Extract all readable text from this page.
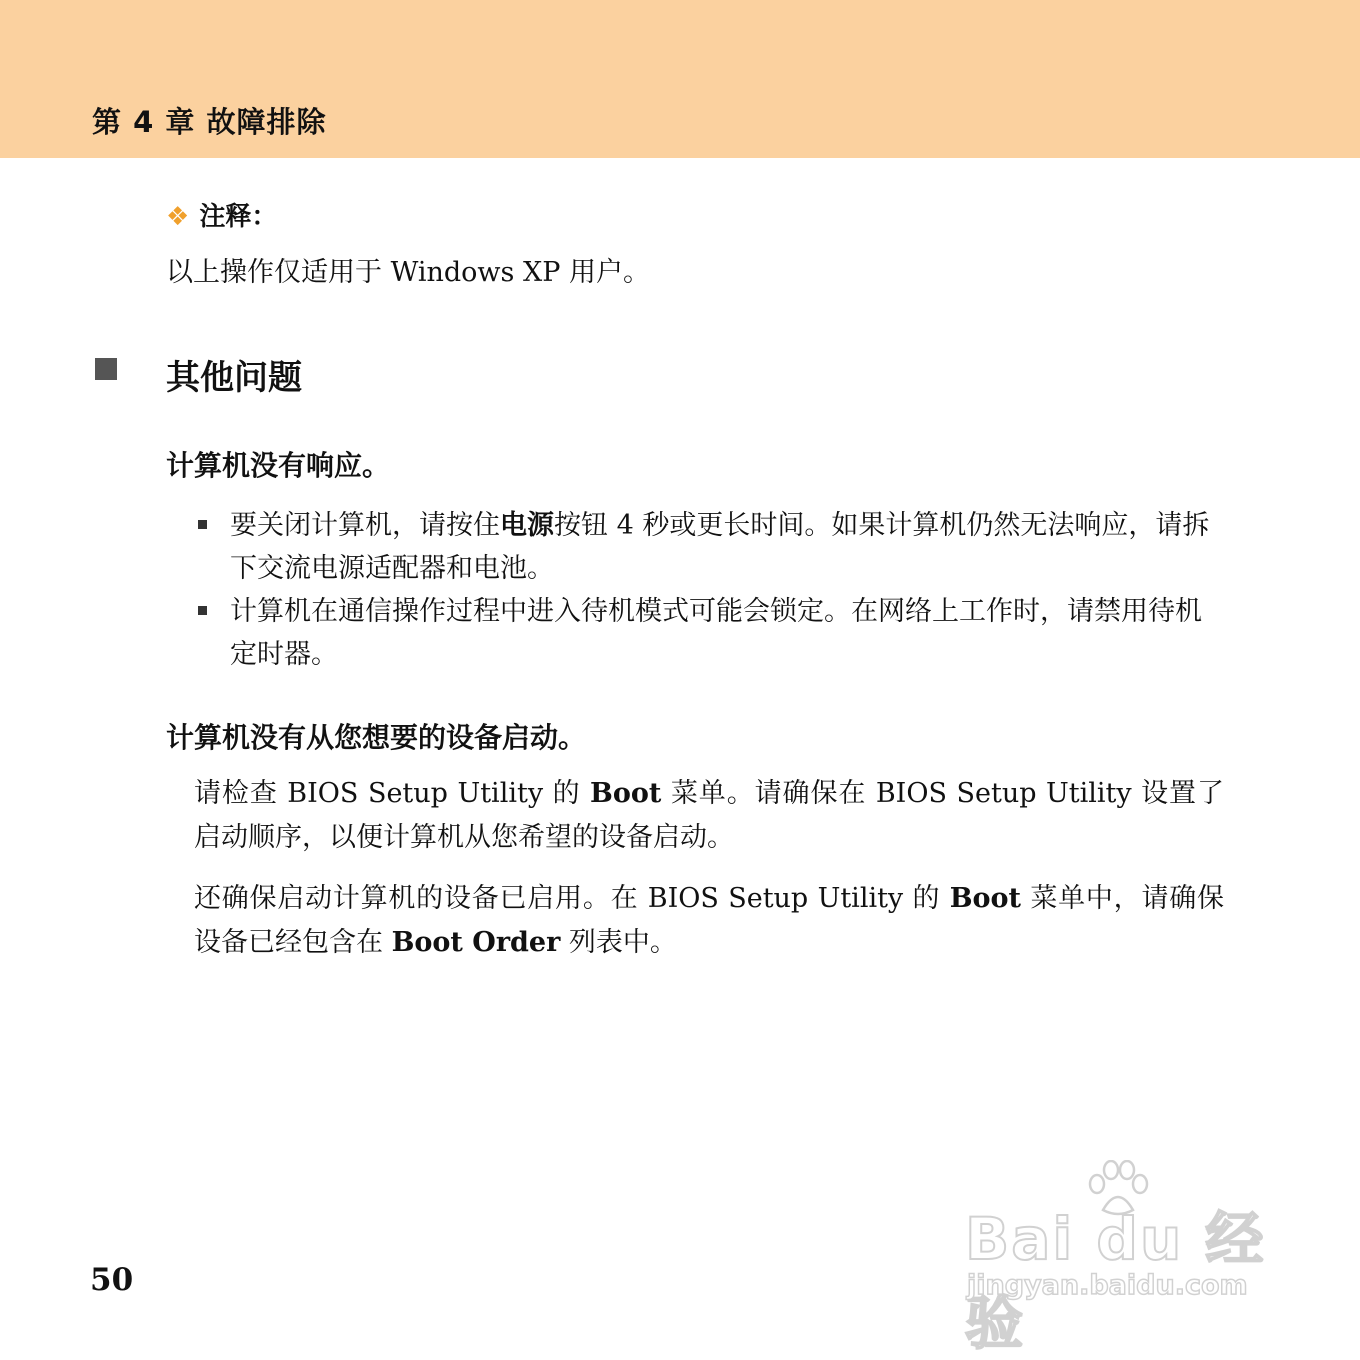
第 4 章 故障排除
❖ 注释：
以上操作仅适用于 Windows XP 用户。
其他问题
计算机没有响应。
要关闭计算机，请按住电源按钮 4 秒或更长时间。如果计算机仍然无法响应，请拆下交流电源适配器和电池。
计算机在通信操作过程中进入待机模式可能会锁定。在网络上工作时，请禁用待机定时器。
计算机没有从您想要的设备启动。
请检查 BIOS Setup Utility 的 Boot 菜单。请确保在 BIOS Setup Utility 设置了启动顺序，以便计算机从您希望的设备启动。
还确保启动计算机的设备已启用。在 BIOS Setup Utility 的 Boot 菜单中，请确保设备已经包含在 Boot Order 列表中。
50
Bai du 经验
jingyan.baidu.com
